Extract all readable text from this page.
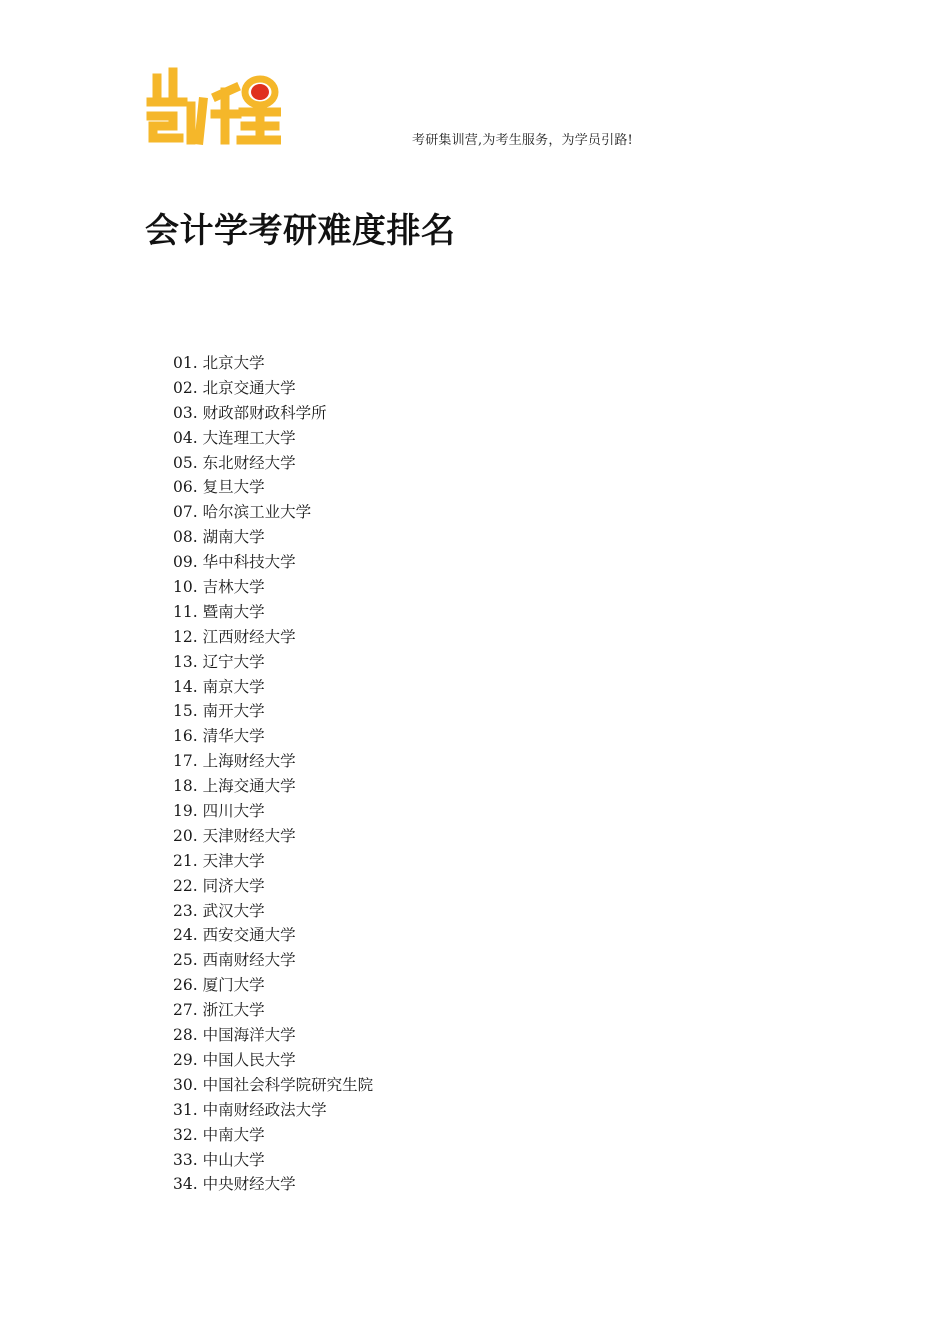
考研集训营,为考生服务，为学员引路!
会计学考研难度排名
01. 北京大学
02. 北京交通大学
03. 财政部财政科学所
04. 大连理工大学
05. 东北财经大学
06. 复旦大学
07. 哈尔滨工业大学
08. 湖南大学
09. 华中科技大学
10. 吉林大学
11. 暨南大学
12. 江西财经大学
13. 辽宁大学
14. 南京大学
15. 南开大学
16. 清华大学
17. 上海财经大学
18. 上海交通大学
19. 四川大学
20. 天津财经大学
21. 天津大学
22. 同济大学
23. 武汉大学
24. 西安交通大学
25. 西南财经大学
26. 厦门大学
27. 浙江大学
28. 中国海洋大学
29. 中国人民大学
30. 中国社会科学院研究生院
31. 中南财经政法大学
32. 中南大学
33. 中山大学
34. 中央财经大学
